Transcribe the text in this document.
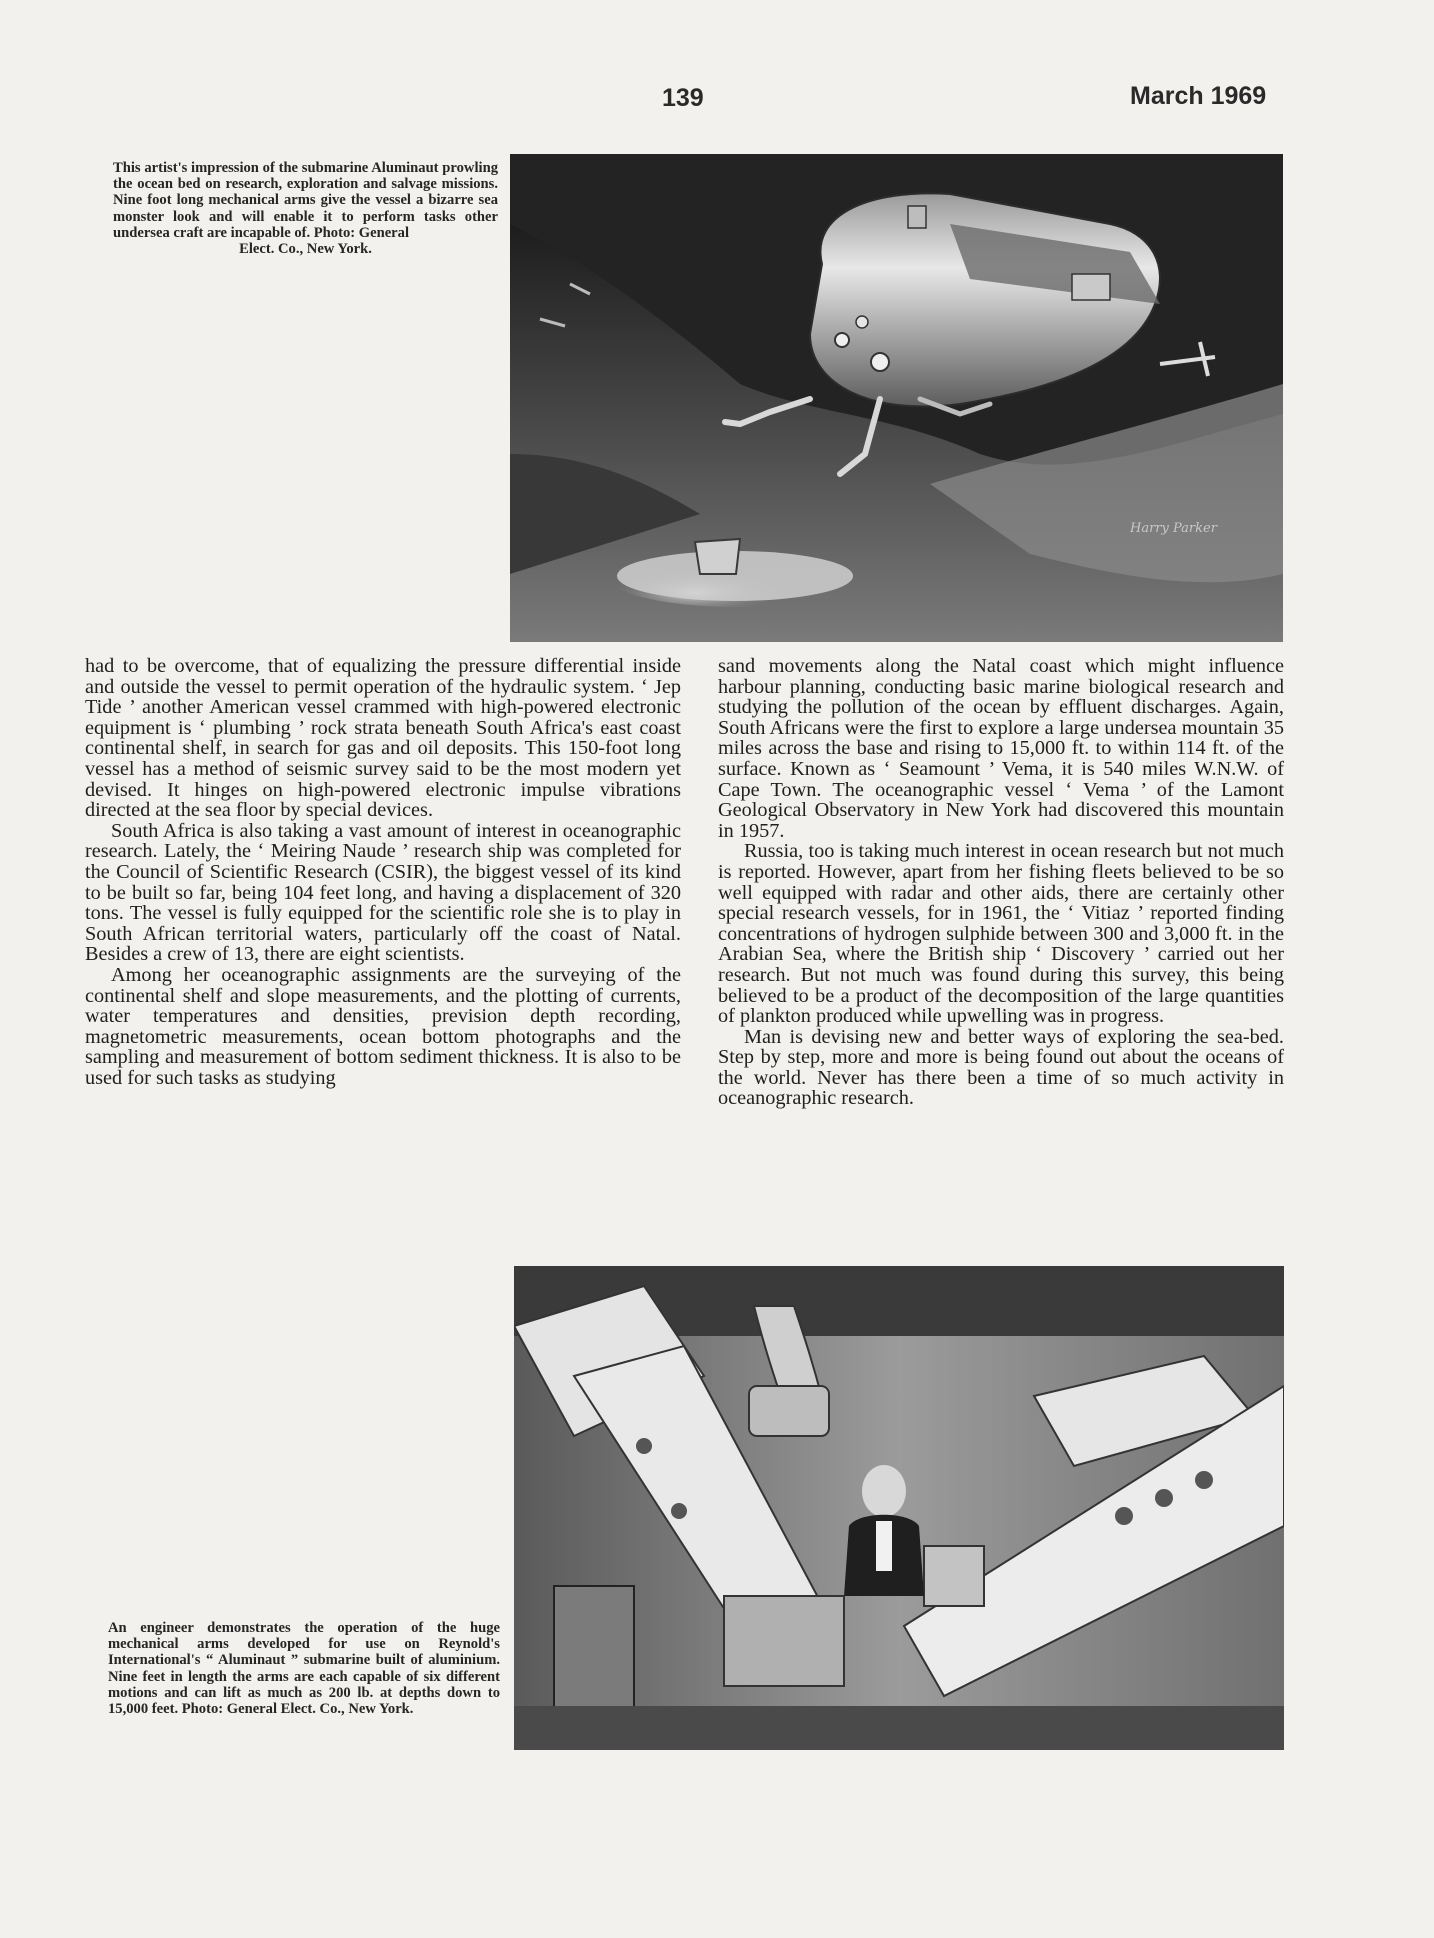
139	March 1969
This artist's impression of the submarine Aluminaut prowling the ocean bed on research, exploration and salvage missions. Nine foot long mechanical arms give the vessel a bizarre sea monster look and will enable it to perform tasks other undersea craft are incapable of. Photo: General
Elect. Co., New York.
Harry Parker

had to be overcome, that of equalizing the pressure differential inside and outside the vessel to permit operation of the hydraulic system. ‘ Jep Tide ’ another American vessel crammed with high-powered electronic equipment is ‘ plumbing ’ rock strata beneath South Africa's east coast continental shelf, in search for gas and oil deposits. This 150-foot long vessel has a method of seismic survey said to be the most modern yet devised. It hinges on high-powered electronic impulse vibrations directed at the sea floor by special devices.

South Africa is also taking a vast amount of interest in oceanographic research. Lately, the ‘ Meiring Naude ’ research ship was completed for the Council of Scientific Research (CSIR), the biggest vessel of its kind to be built so far, being 104 feet long, and having a displacement of 320 tons. The vessel is fully equipped for the scientific role she is to play in South African territorial waters, particularly off the coast of Natal. Besides a crew of 13, there are eight scientists.

Among her oceanographic assignments are the surveying of the continental shelf and slope measurements, and the plotting of currents, water temperatures and densities, prevision depth recording, magnetometric measurements, ocean bottom photographs and the sampling and measurement of bottom sediment thickness. It is also to be used for such tasks as studying

sand movements along the Natal coast which might influence harbour planning, conducting basic marine biological research and studying the pollution of the ocean by effluent discharges. Again, South Africans were the first to explore a large undersea mountain 35 miles across the base and rising to 15,000 ft. to within 114 ft. of the surface. Known as ‘ Seamount ’ Vema, it is 540 miles W.N.W. of Cape Town. The oceanographic vessel ‘ Vema ’ of the Lamont Geological Observatory in New York had discovered this mountain in 1957.

Russia, too is taking much interest in ocean research but not much is reported. However, apart from her fishing fleets believed to be so well equipped with radar and other aids, there are certainly other special research vessels, for in 1961, the ‘ Vitiaz ’ reported finding concentrations of hydrogen sulphide between 300 and 3,000 ft. in the Arabian Sea, where the British ship ‘ Discovery ’ carried out her research. But not much was found during this survey, this being believed to be a product of the decomposition of the large quantities of plankton produced while upwelling was in progress.

Man is devising new and better ways of exploring the sea-bed. Step by step, more and more is being found out about the oceans of the world. Never has there been a time of so much activity in oceanographic research.

An engineer demonstrates the operation of the huge mechanical arms developed for use on Reynold's International's “ Aluminaut ” submarine built of aluminium. Nine feet in length the arms are each capable of six different motions and can lift as much as 200 lb. at depths down to 15,000 feet. Photo: General Elect. Co., New York.
